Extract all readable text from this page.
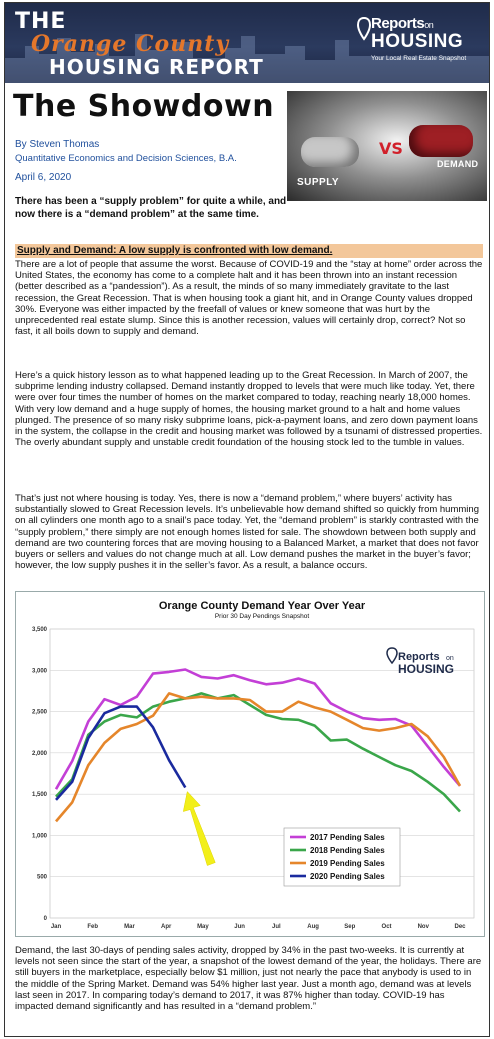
THE
Orange County
HOUSING REPORT
Reportson
HOUSING
Your Local Real Estate Snapshot
The Showdown
By Steven Thomas
Quantitative Economics and Decision Sciences, B.A.
April 6, 2020
There has been a “supply problem” for quite a while, and now there is a “demand problem” at the same time.
VS
SUPPLY
DEMAND
Supply and Demand: A low supply is confronted with low demand.
There are a lot of people that assume the worst. Because of COVID-19 and the “stay at home” order across the United States, the economy has come to a complete halt and it has been thrown into an instant recession (better described as a “pandession”). As a result, the minds of so many immediately gravitate to the last recession, the Great Recession. That is when housing took a giant hit, and in Orange County values dropped 30%. Everyone was either impacted by the freefall of values or knew someone that was hurt by the unprecedented real estate slump. Since this is another recession, values will certainly drop, correct? Not so fast, it all boils down to supply and demand.
Here’s a quick history lesson as to what happened leading up to the Great Recession. In March of 2007, the subprime lending industry collapsed. Demand instantly dropped to levels that were much like today. Yet, there were over four times the number of homes on the market compared to today, reaching nearly 18,000 homes. With very low demand and a huge supply of homes, the housing market ground to a halt and home values plunged. The presence of so many risky subprime loans, pick-a-payment loans, and zero down payment loans in the system, the collapse in the credit and housing market was followed by a tsunami of distressed properties. The overly abundant supply and unstable credit foundation of the housing stock led to the tumble in values.
That’s just not where housing is today. Yes, there is now a “demand problem,” where buyers’ activity has substantially slowed to Great Recession levels. It’s unbelievable how demand shifted so quickly from humming on all cylinders one month ago to a snail’s pace today. Yet, the “demand problem” is starkly contrasted with the “supply problem,” there simply are not enough homes listed for sale. The showdown between both supply and demand are two countering forces that are moving housing to a Balanced Market, a market that does not favor buyers or sellers and values do not change much at all. Low demand pushes the market in the buyer’s favor; however, the low supply pushes it in the seller’s favor. As a result, a balance occurs.
Orange County Demand Year Over Year
Prior 30 Day Pendings Snapshot
0
500
1,000
1,500
2,000
2,500
3,000
3,500
Jan	Feb	Mar	Apr	May	Jun	Jul	Aug	Sep	Oct	Nov	Dec
2017 Pending Sales
2018 Pending Sales
2019 Pending Sales
2020 Pending Sales
Reports on
HOUSING
Demand, the last 30-days of pending sales activity, dropped by 34% in the past two-weeks. It is currently at levels not seen since the start of the year, a snapshot of the lowest demand of the year, the holidays. There are still buyers in the marketplace, especially below $1 million, just not nearly the pace that anybody is used to in the middle of the Spring Market. Demand was 54% higher last year. Just a month ago, demand was at levels last seen in 2017. In comparing today’s demand to 2017, it was 87% higher than today. COVID-19 has impacted demand significantly and has resulted in a “demand problem.”
